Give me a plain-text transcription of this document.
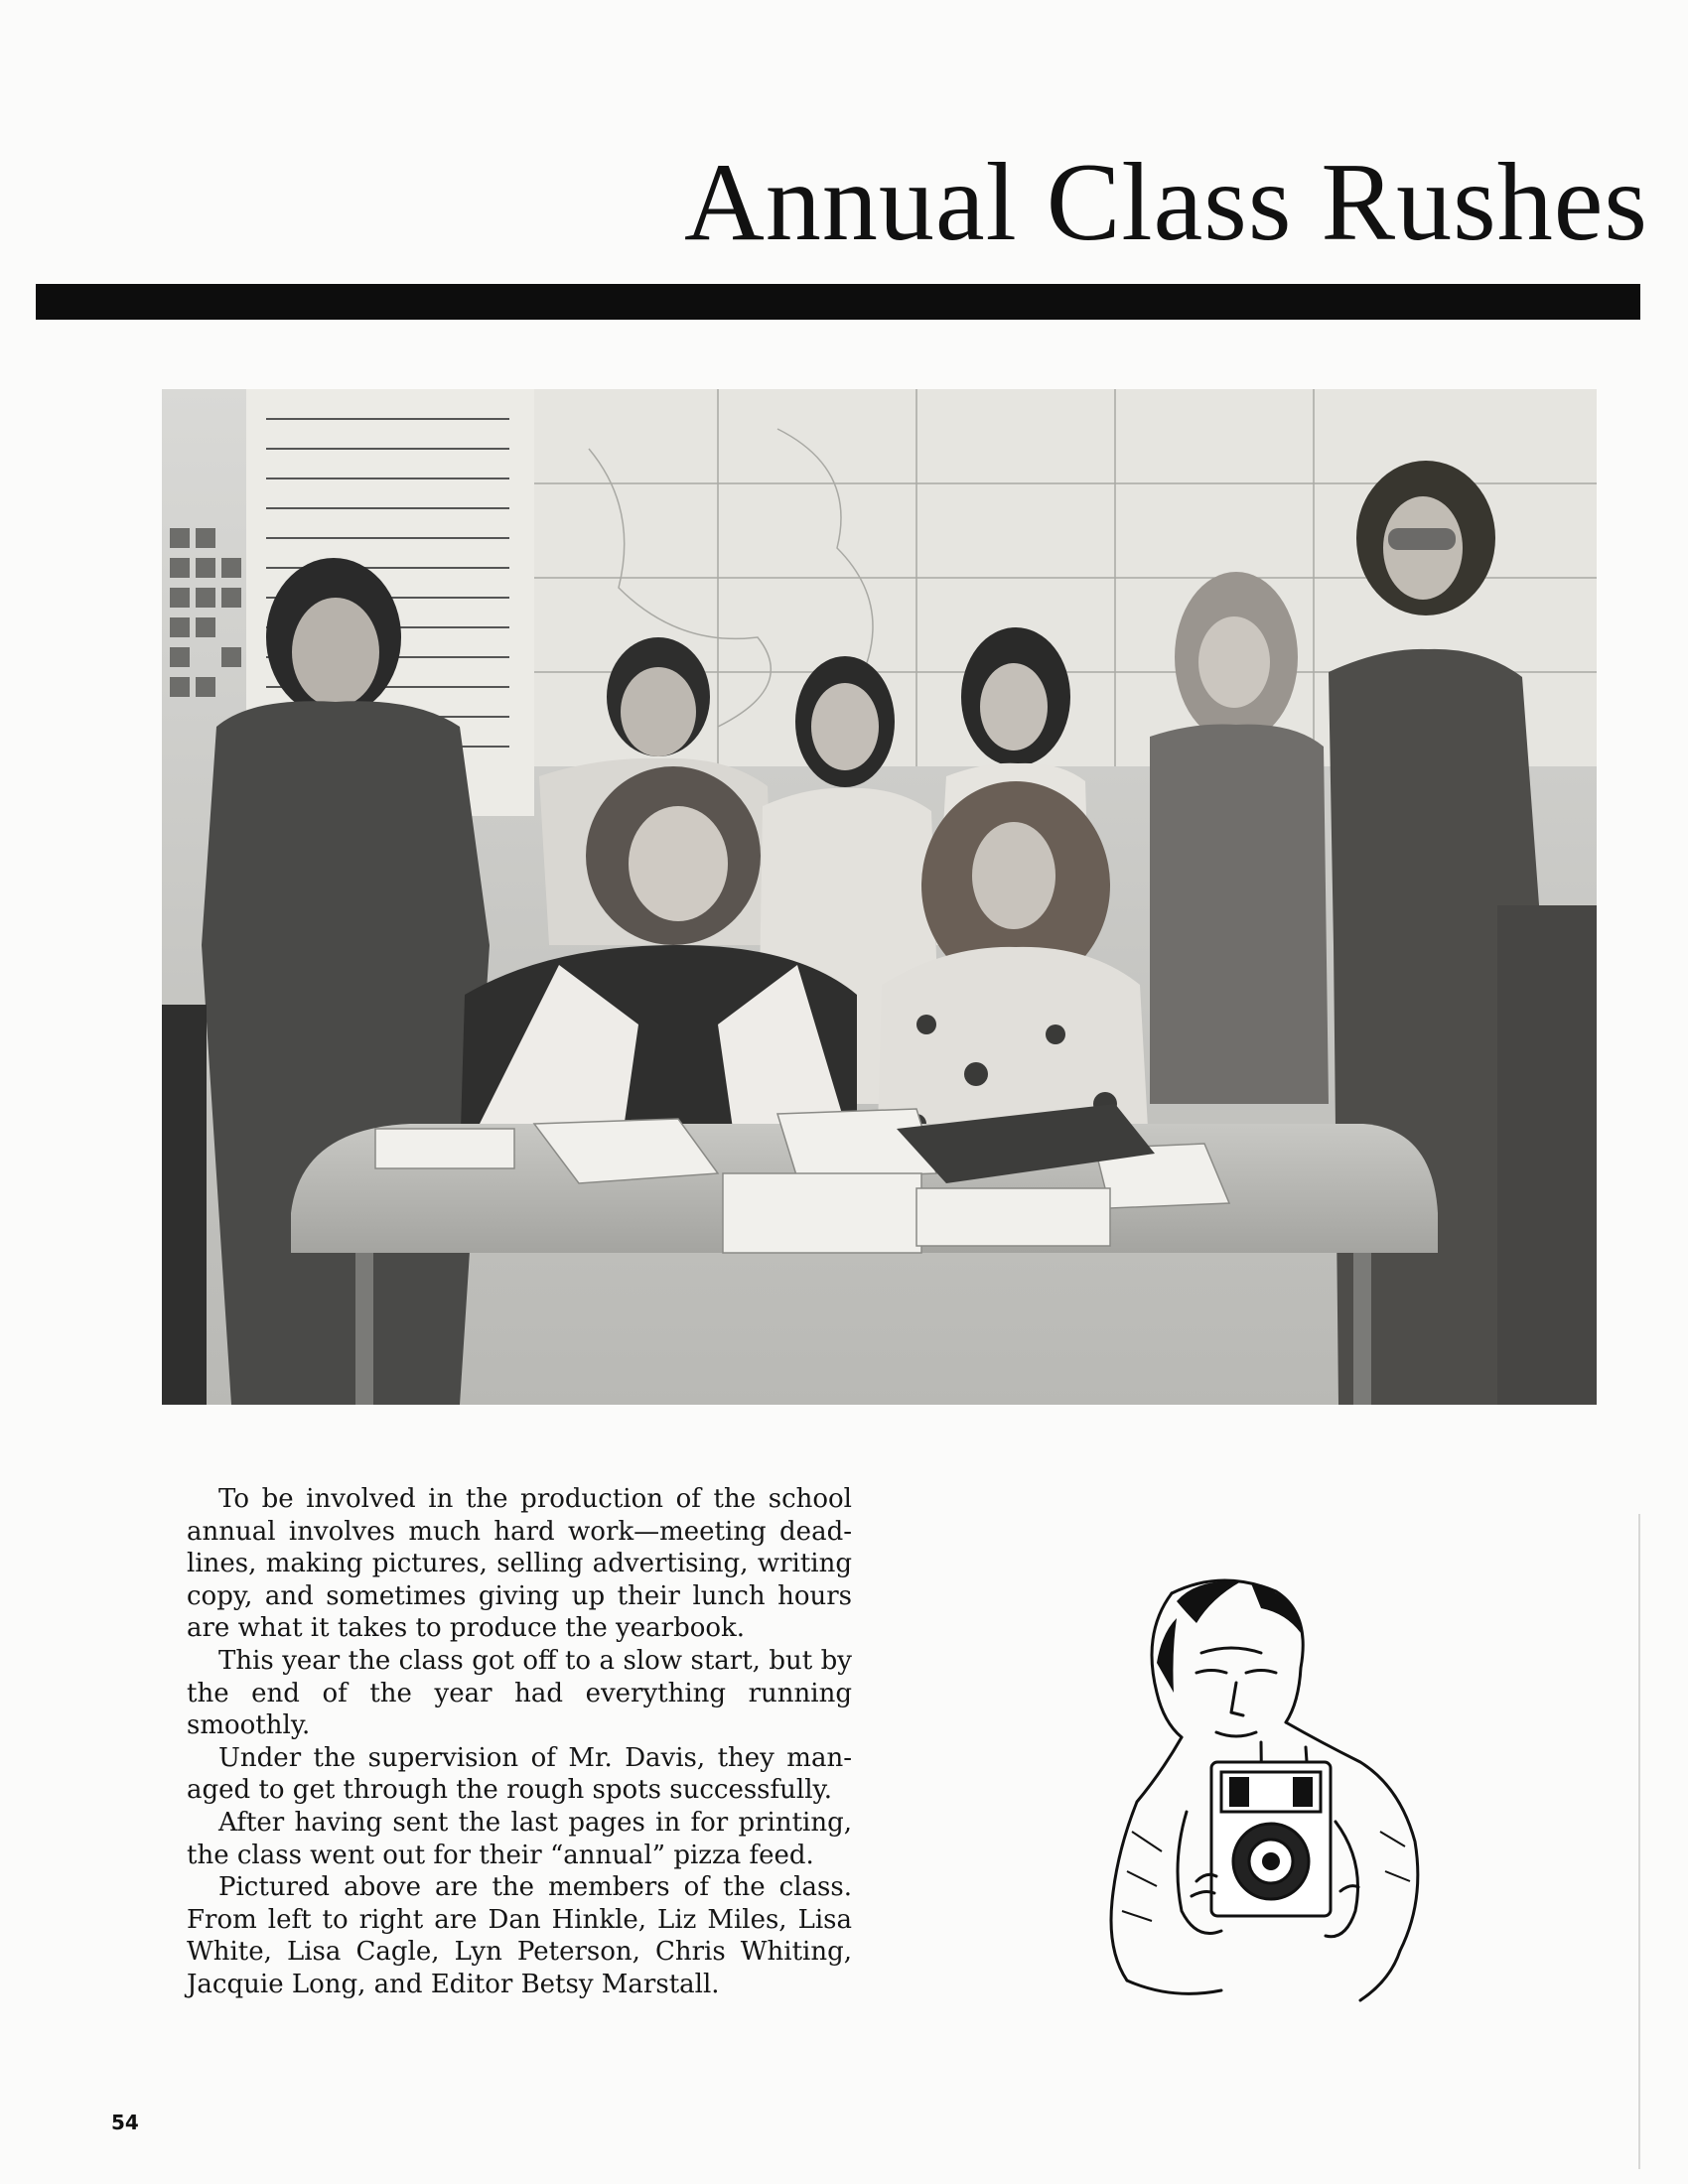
Annual Class Rushes

To be involved in the production of the school annual involves much hard work—meeting dead-lines, making pictures, selling advertising, writing copy, and sometimes giving up their lunch hours are what it takes to produce the yearbook.

This year the class got off to a slow start, but by the end of the year had everything running smoothly.

Under the supervision of Mr. Davis, they man-aged to get through the rough spots successfully.

After having sent the last pages in for printing, the class went out for their “annual” pizza feed.

Pictured above are the members of the class. From left to right are Dan Hinkle, Liz Miles, Lisa White, Lisa Cagle, Lyn Peterson, Chris Whiting, Jacquie Long, and Editor Betsy Marstall.

54
